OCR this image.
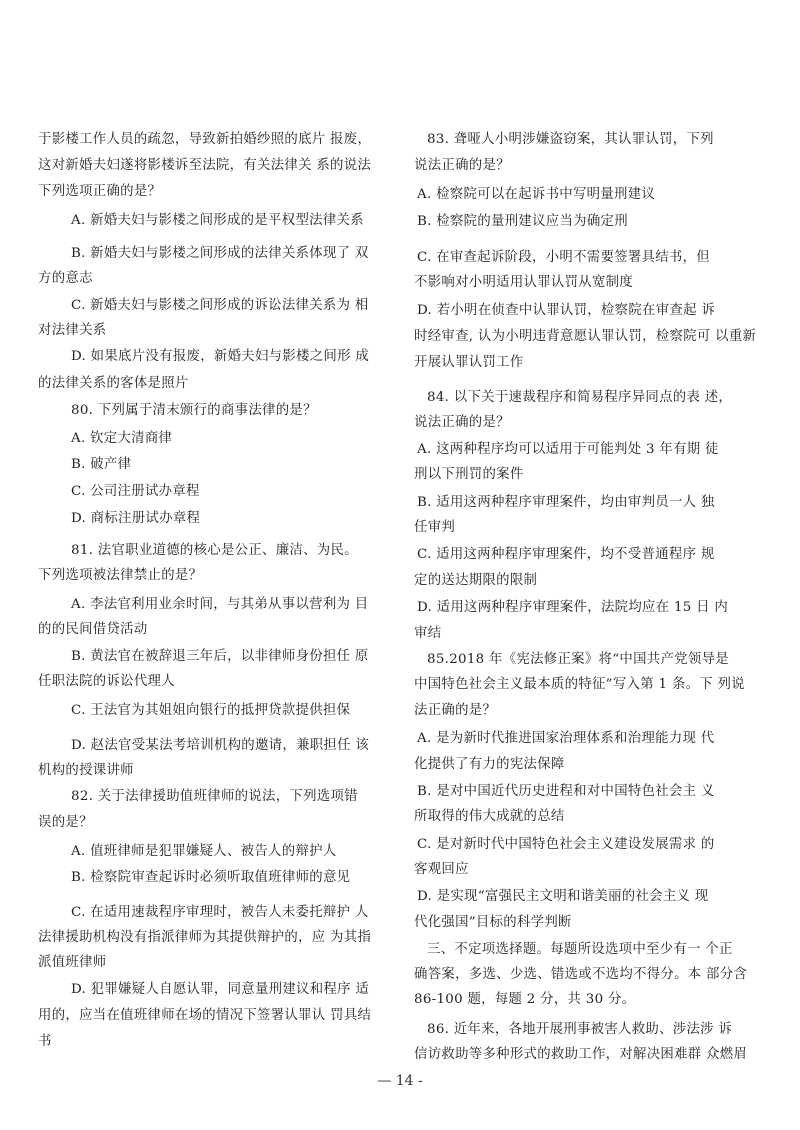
于影楼工作人员的疏忽，导致新拍婚纱照的底片 报废，
这对新婚夫妇遂将影楼诉至法院，有关法律关 系的说法
下列选项正确的是？
A. 新婚夫妇与影楼之间形成的是平权型法律关系
B. 新婚夫妇与影楼之间形成的法律关系体现了 双
方的意志
C. 新婚夫妇与影楼之间形成的诉讼法律关系为 相
对法律关系
D. 如果底片没有报废，新婚夫妇与影楼之间形 成
的法律关系的客体是照片
80. 下列属于清末颁行的商事法律的是？
A. 钦定大清商律
B. 破产律
C. 公司注册试办章程
D. 商标注册试办章程
81. 法官职业道德的核心是公正、廉洁、为民。
下列选项被法律禁止的是？
A. 李法官利用业余时间，与其弟从事以营利为 目
的的民间借贷活动
B. 黄法官在被辞退三年后，以非律师身份担任 原
任职法院的诉讼代理人
C. 王法官为其姐姐向银行的抵押贷款提供担保
D. 赵法官受某法考培训机构的邀请，兼职担任 该
机构的授课讲师
82. 关于法律援助值班律师的说法，下列选项错
误的是？
A. 值班律师是犯罪嫌疑人、被告人的辩护人
B. 检察院审查起诉时必须听取值班律师的意见
C. 在适用速裁程序审理时，被告人未委托辩护 人
法律援助机构没有指派律师为其提供辩护的，应 为其指
派值班律师
D. 犯罪嫌疑人自愿认罪，同意量刑建议和程序 适
用的，应当在值班律师在场的情况下签署认罪认 罚具结
书
83. 聋哑人小明涉嫌盗窃案，其认罪认罚，下列
说法正确的是？
A. 检察院可以在起诉书中写明量刑建议
B. 检察院的量刑建议应当为确定刑
C. 在审查起诉阶段，小明不需要签署具结书，但
不影响对小明适用认罪认罚从宽制度
D. 若小明在侦查中认罪认罚，检察院在审查起 诉
时经审查, 认为小明违背意愿认罪认罚，检察院可 以重新
开展认罪认罚工作
84. 以下关于速裁程序和简易程序异同点的表 述，
说法正确的是？
A. 这两种程序均可以适用于可能判处 3 年有期 徒
刑以下刑罚的案件
B. 适用这两种程序审理案件，均由审判员一人 独
任审判
C. 适用这两种程序审理案件，均不受普通程序 规
定的送达期限的限制
D. 适用这两种程序审理案件，法院均应在 15 日 内
审结
85.2018 年《宪法修正案》将“中国共产党领导是
中国特色社会主义最本质的特征”写入第 1 条。下 列说
法正确的是？
A. 是为新时代推进国家治理体系和治理能力现 代
化提供了有力的宪法保障
B. 是对中国近代历史进程和对中国特色社会主 义
所取得的伟大成就的总结
C. 是对新时代中国特色社会主义建设发展需求 的
客观回应
D. 是实现“富强民主文明和谐美丽的社会主义 现
代化强国”目标的科学判断
三、不定项选择题。每题所设选项中至少有一 个正
确答案，多选、少选、错选或不选均不得分。本 部分含
86-100 题，每题 2 分，共 30 分。
86. 近年来，各地开展刑事被害人救助、涉法涉 诉
信访救助等多种形式的救助工作，对解决困难群 众燃眉
— 14 -
